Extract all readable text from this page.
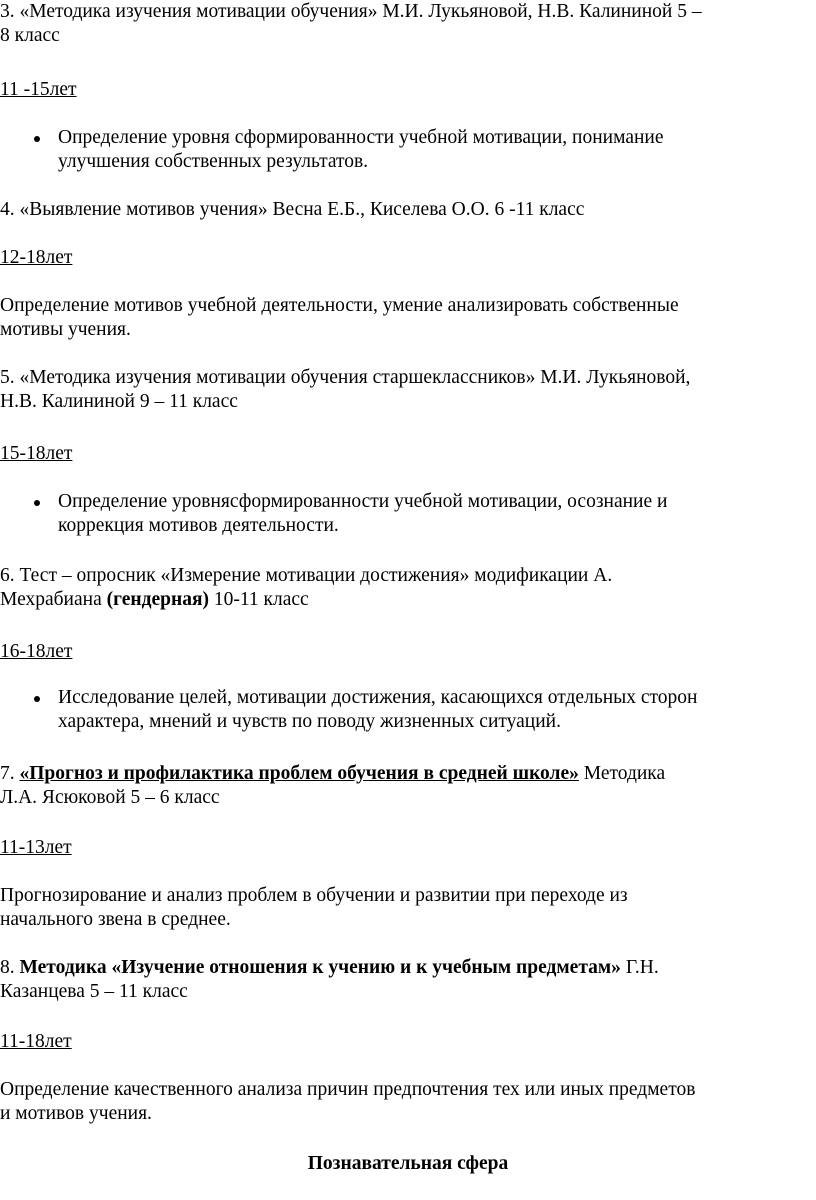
3. «Методика изучения мотивации обучения» М.И. Лукьяновой, Н.В. Калининой 5 –

8 класс

11 -15лет

Определение уровня сформированности учебной мотивации, понимание

улучшения собственных результатов.

4. «Выявление мотивов учения» Весна Е.Б., Киселева О.О. 6 -11 класс

12-18лет

Определение мотивов учебной деятельности, умение анализировать собственные

мотивы учения.

5. «Методика изучения мотивации обучения старшеклассников» М.И. Лукьяновой,

Н.В. Калининой 9 – 11 класс

15-18лет

Определение уровнясформированности учебной мотивации, осознание и

коррекция мотивов деятельности.

6. Тест – опросник «Измерение мотивации достижения» модификации А.

Мехрабиана (гендерная) 10-11 класс

16-18лет

Исследование целей, мотивации достижения, касающихся отдельных сторон

характера, мнений и чувств по поводу жизненных ситуаций.

7. «Прогноз и профилактика проблем обучения в средней школе» Методика

Л.А. Ясюковой 5 – 6 класс

11-13лет

Прогнозирование и анализ проблем в обучении и развитии при переходе из

начального звена в среднее.

8. Методика «Изучение отношения к учению и к учебным предметам» Г.Н.

Казанцева 5 – 11 класс

11-18лет

Определение качественного анализа причин предпочтения тех или иных предметов

и мотивов учения.

Познавательная сфера
